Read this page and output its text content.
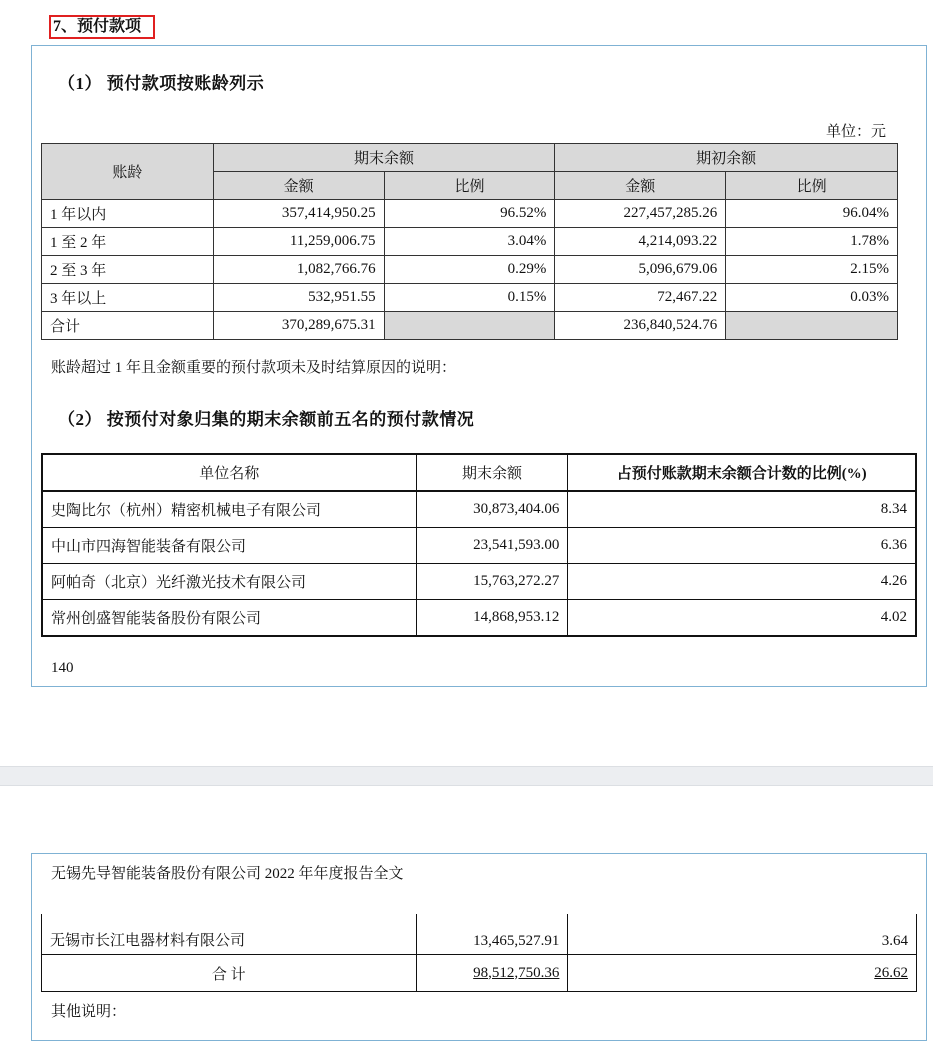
7、预付款项
（1） 预付款项按账龄列示
单位：元
账龄	期末余额		期初余额	
	金额	比例	金额	比例
1 年以内	357,414,950.25	96.52%	227,457,285.26	96.04%
1 至 2 年	11,259,006.75	3.04%	4,214,093.22	1.78%
2 至 3 年	1,082,766.76	0.29%	5,096,679.06	2.15%
3 年以上	532,951.55	0.15%	72,467.22	0.03%
合计	370,289,675.31		236,840,524.76	
账龄超过 1 年且金额重要的预付款项未及时结算原因的说明：
（2） 按预付对象归集的期末余额前五名的预付款情况
单位名称	期末余额	占预付账款期末余额合计数的比例(%)
史陶比尔（杭州）精密机械电子有限公司	30,873,404.06	8.34
中山市四海智能装备有限公司	23,541,593.00	6.36
阿帕奇（北京）光纤激光技术有限公司	15,763,272.27	4.26
常州创盛智能装备股份有限公司	14,868,953.12	4.02
140
无锡先导智能装备股份有限公司 2022 年年度报告全文
无锡市长江电器材料有限公司	13,465,527.91	3.64
合 计	98,512,750.36	26.62
其他说明：
